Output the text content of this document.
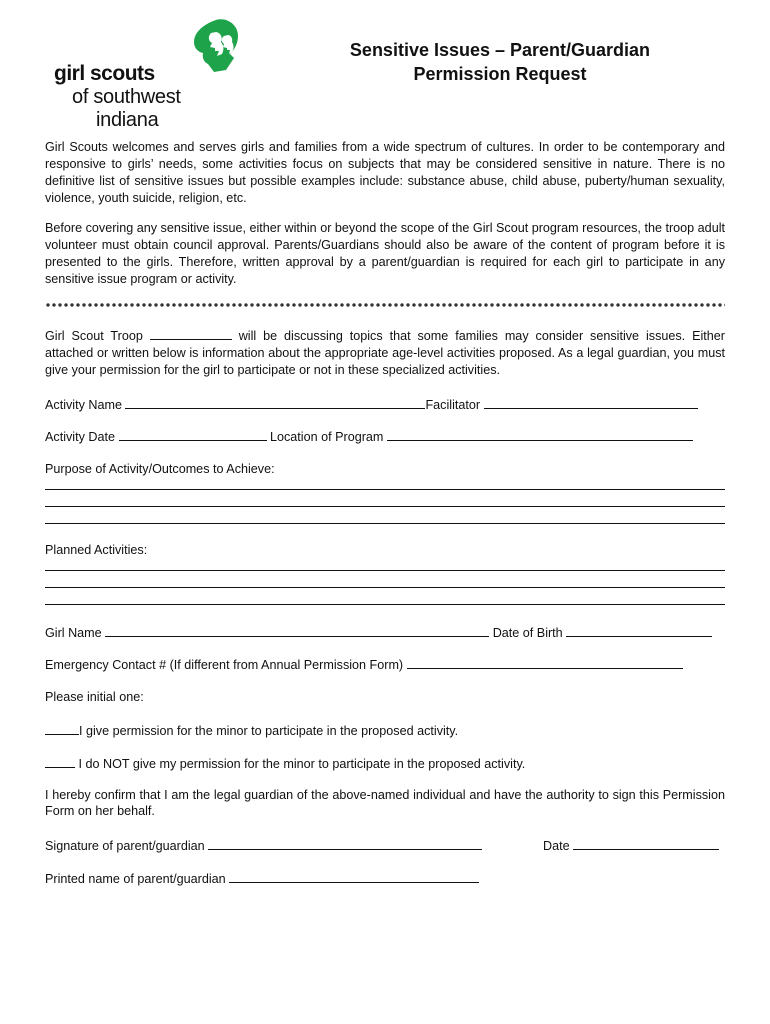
girl scouts
of southwest
indiana
Sensitive Issues – Parent/Guardian
Permission Request
Girl Scouts welcomes and serves girls and families from a wide spectrum of cultures. In order to be contemporary and responsive to girls’ needs, some activities focus on subjects that may be considered sensitive in nature. There is no definitive list of sensitive issues but possible examples include: substance abuse, child abuse, puberty/human sexuality, violence, youth suicide, religion, etc.
Before covering any sensitive issue, either within or beyond the scope of the Girl Scout program resources, the troop adult volunteer must obtain council approval. Parents/Guardians should also be aware of the content of program before it is presented to the girls. Therefore, written approval by a parent/guardian is required for each girl to participate in any sensitive issue program or activity.
Girl Scout Troop	will be discussing topics that some families may consider sensitive issues. Either attached or written below is information about the appropriate age-level activities proposed. As a legal guardian, you must give your permission for the girl to participate or not in these specialized activities.
Activity Name	Facilitator
Activity Date	Location of Program
Purpose of Activity/Outcomes to Achieve:
Planned Activities:
Girl Name	Date of Birth
Emergency Contact # (If different from Annual Permission Form)
Please initial one:
I give permission for the minor to participate in the proposed activity.
I do NOT give my permission for the minor to participate in the proposed activity.
I hereby confirm that I am the legal guardian of the above-named individual and have the authority to sign this Permission Form on her behalf.
Signature of parent/guardian	Date
Printed name of parent/guardian
